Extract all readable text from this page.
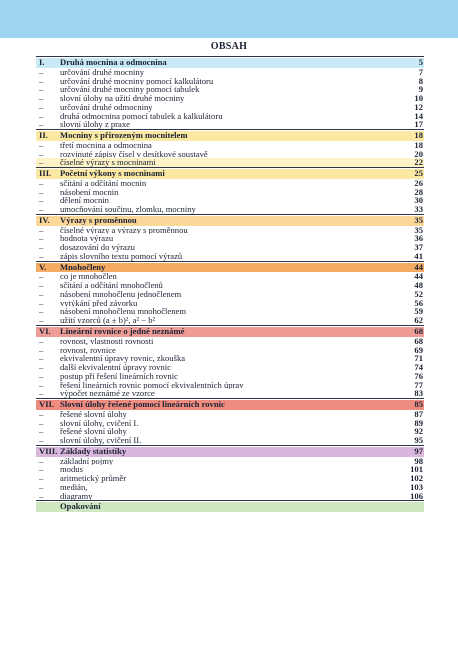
OBSAH
I. Druhá mocnina a odmocnina	5
– určování druhé mocniny	7
– určování druhé mocniny pomocí kalkulátoru	8
– určování druhé mocniny pomocí tabulek	9
– slovní úlohy na užití druhé mocniny	10
– určování druhé odmocniny	12
– druhá odmocnina pomocí tabulek a kalkulátoru	14
– slovní úlohy z praxe	17
II. Mocniny s přirozeným mocnitelem	18
– třetí mocnina a odmocnina	18
– rozvinuté zápisy čísel v desítkové soustavě	20
– číselné výrazy s mocninami	22
III. Početní výkony s mocninami	25
– sčítání a odčítání mocnin	26
– násobení mocnin	28
– dělení mocnin	30
– umocňování součinu, zlomku, mocniny	33
IV. Výrazy s proměnnou	35
– číselné výrazy a výrazy s proměnnou	35
– hodnota výrazu	36
– dosazování do výrazu	37
– zápis slovního textu pomocí výrazů	41
V. Mnohočleny	44
– co je mnohočlen	44
– sčítání a odčítání mnohočlenů	48
– násobení mnohočlenu jednočlenem	52
– vytýkání před závorku	56
– násobení mnohočlenu mnohočlenem	59
– užití vzorců (a ± b)², a² − b²	62
VI. Lineární rovnice o jedné neznámé	68
– rovnost, vlastnosti rovnosti	68
– rovnost, rovnice	69
– ekvivalentní úpravy rovnic, zkouška	71
– další ekvivalentní úpravy rovnic	74
– postup při řešení lineárních rovnic	76
– řešení lineárních rovnic pomocí ekvivalentních úprav	77
– výpočet neznámé ze vzorce	83
VII. Slovní úlohy řešené pomocí lineárních rovnic	85
– řešené slovní úlohy	87
– slovní úlohy, cvičení I.	89
– řešené slovní úlohy	92
– slovní úlohy, cvičení II.	95
VIII. Základy statistiky	97
– základní pojmy	98
– modus	101
– aritmetický průměr	102
– medián,	103
– diagramy	106
Opakování
